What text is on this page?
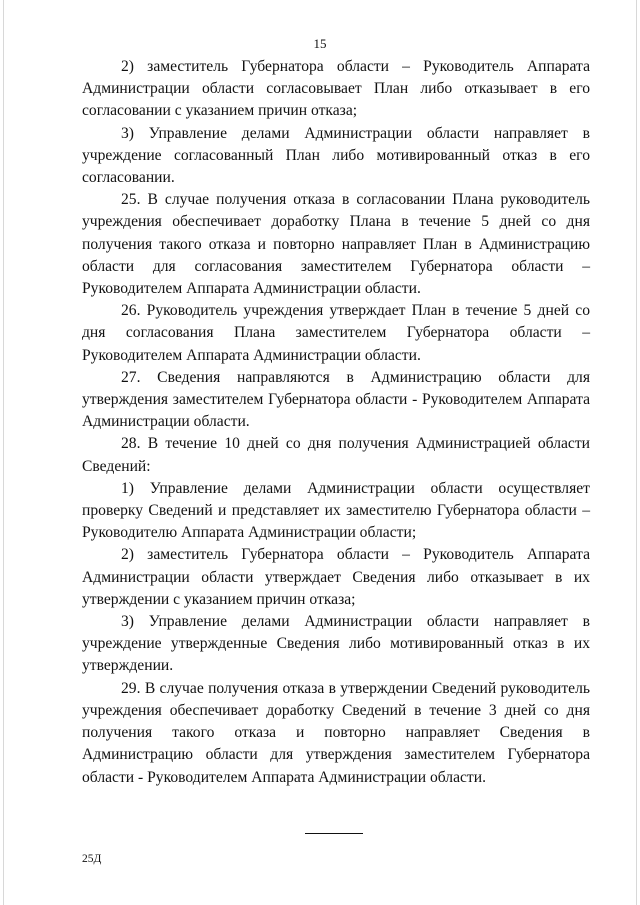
15

2) заместитель Губернатора области – Руководитель Аппарата Администрации области согласовывает План либо отказывает в его согласовании с указанием причин отказа;

3) Управление делами Администрации области направляет в учреждение согласованный План либо мотивированный отказ в его согласовании.

25. В случае получения отказа в согласовании Плана руководитель учреждения обеспечивает доработку Плана в течение 5 дней со дня получения такого отказа и повторно направляет План в Администрацию области для согласования заместителем Губернатора области – Руководителем Аппарата Администрации области.

26. Руководитель учреждения утверждает План в течение 5 дней со дня согласования Плана заместителем Губернатора области – Руководителем Аппарата Администрации области.

27. Сведения направляются в Администрацию области для утверждения заместителем Губернатора области - Руководителем Аппарата Администрации области.

28. В течение 10 дней со дня получения Администрацией области Сведений:

1) Управление делами Администрации области осуществляет проверку Сведений и представляет их заместителю Губернатора области – Руководителю Аппарата Администрации области;

2) заместитель Губернатора области – Руководитель Аппарата Администрации области утверждает Сведения либо отказывает в их утверждении с указанием причин отказа;

3) Управление делами Администрации области направляет в учреждение утвержденные Сведения либо мотивированный отказ в их утверждении.

29. В случае получения отказа в утверждении Сведений руководитель учреждения обеспечивает доработку Сведений в течение 3 дней со дня получения такого отказа и повторно направляет Сведения в Администрацию области для утверждения заместителем Губернатора области - Руководителем Аппарата Администрации области.

25Д
